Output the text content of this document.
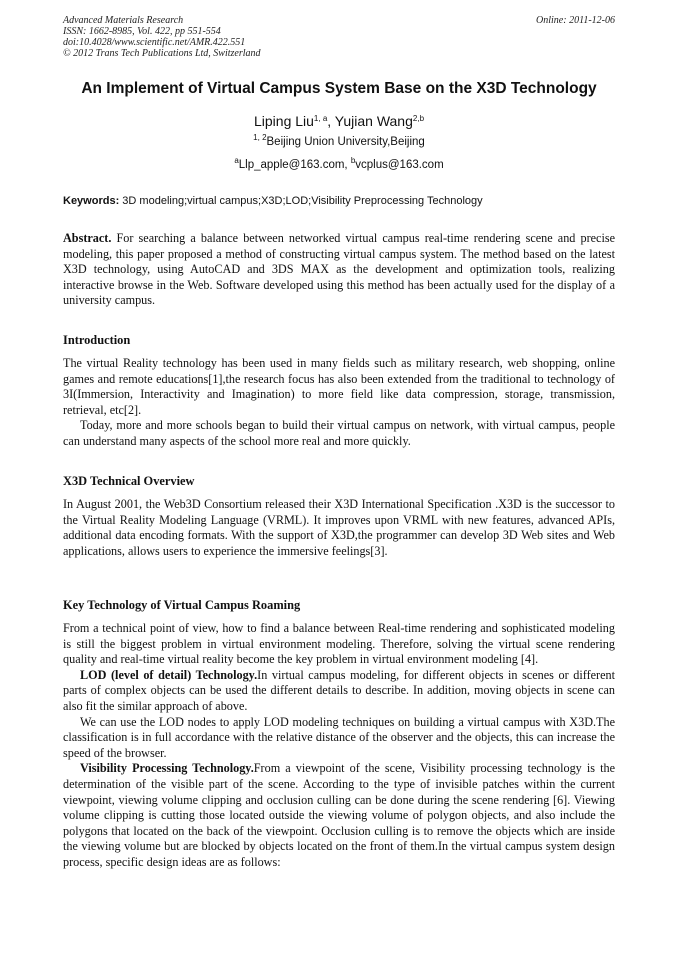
Advanced Materials Research	Online: 2011-12-06
ISSN: 1662-8985, Vol. 422, pp 551-554
doi:10.4028/www.scientific.net/AMR.422.551
© 2012 Trans Tech Publications Ltd, Switzerland
An Implement of Virtual Campus System Base on the X3D Technology
Liping Liu$^{1, a}$, Yujian Wang$^{2,b}$
$^{1, 2}$Beijing Union University,Beijing
$^a$Llp_apple@163.com, $^b$vcplus@163.com
Keywords: 3D modeling;virtual campus;X3D;LOD;Visibility Preprocessing Technology

Abstract. For searching a balance between networked virtual campus real-time rendering scene and precise modeling, this paper proposed a method of constructing virtual campus system. The method based on the latest X3D technology, using AutoCAD and 3DS MAX as the development and optimization tools, realizing interactive browse in the Web. Software developed using this method has been actually used for the display of a university campus.

Introduction

The virtual Reality technology has been used in many fields such as military research, web shopping, online games and remote educations[1],the research focus has also been extended from the traditional to technology of 3I(Immersion, Interactivity and Imagination) to more field like data compression, storage, transmission, retrieval, etc[2].

Today, more and more schools began to build their virtual campus on network, with virtual campus, people can understand many aspects of the school more real and more quickly.

X3D Technical Overview

In August 2001, the Web3D Consortium released their X3D International Specification .X3D is the successor to the Virtual Reality Modeling Language (VRML). It improves upon VRML with new features, advanced APIs, additional data encoding formats. With the support of X3D,the programmer can develop 3D Web sites and Web applications, allows users to experience the immersive feelings[3].

Key Technology of Virtual Campus Roaming

From a technical point of view, how to find a balance between Real-time rendering and sophisticated modeling is still the biggest problem in virtual environment modeling. Therefore, solving the virtual scene rendering quality and real-time virtual reality become the key problem in virtual environment modeling [4].

LOD (level of detail) Technology.In virtual campus modeling, for different objects in scenes or different parts of complex objects can be used the different details to describe. In addition, moving objects in scene can also fit the similar approach of above.

We can use the LOD nodes to apply LOD modeling techniques on building a virtual campus with X3D.The classification is in full accordance with the relative distance of the observer and the objects, this can increase the speed of the browser.

Visibility Processing Technology.From a viewpoint of the scene, Visibility processing technology is the determination of the visible part of the scene. According to the type of invisible patches within the current viewpoint, viewing volume clipping and occlusion culling can be done during the scene rendering [6]. Viewing volume clipping is cutting those located outside the viewing volume of polygon objects, and also include the polygons that located on the back of the viewpoint. Occlusion culling is to remove the objects which are inside the viewing volume but are blocked by objects located on the front of them.In the virtual campus system design process, specific design ideas are as follows:
